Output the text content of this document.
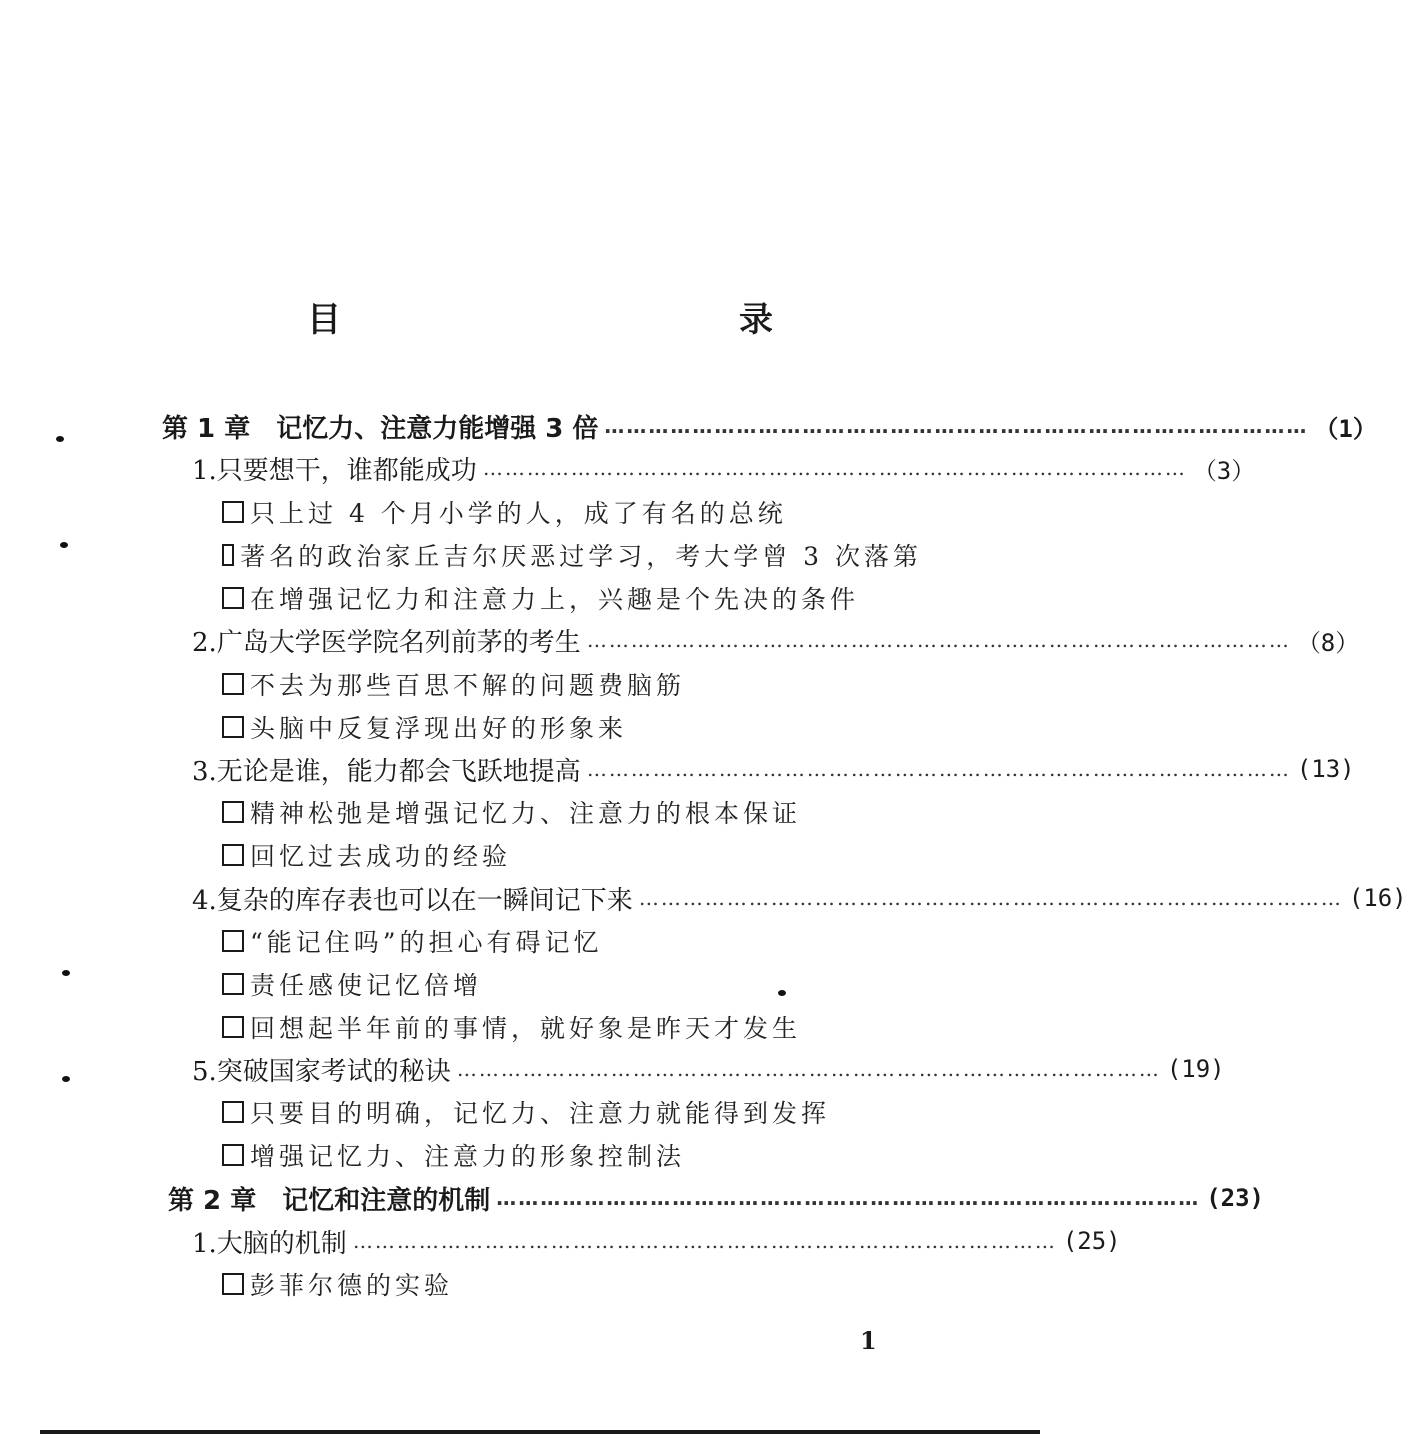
目　　录
第 1 章　记忆力、注意力能增强 3 倍 …………………………………………………………………………………… （1）
1.只要想干，谁都能成功 …………………………………………………………………………………… （3）
只上过 4 个月小学的人，成了有名的总统
著名的政治家丘吉尔厌恶过学习，考大学曾 3 次落第
在增强记忆力和注意力上，兴趣是个先决的条件
2.广岛大学医学院名列前茅的考生 …………………………………………………………………………………… （8）
不去为那些百思不解的问题费脑筋
头脑中反复浮现出好的形象来
3.无论是谁，能力都会飞跃地提高 …………………………………………………………………………………… (13)
精神松弛是增强记忆力、注意力的根本保证
回忆过去成功的经验
4.复杂的库存表也可以在一瞬间记下来 …………………………………………………………………………………… (16)
“能记住吗”的担心有碍记忆
责任感使记忆倍增
回想起半年前的事情，就好象是昨天才发生
5.突破国家考试的秘诀 …………………………………………………………………………………… (19)
只要目的明确，记忆力、注意力就能得到发挥
增强记忆力、注意力的形象控制法
第 2 章　记忆和注意的机制 …………………………………………………………………………………… (23)
1.大脑的机制 …………………………………………………………………………………… (25)
彭菲尔德的实验
1
